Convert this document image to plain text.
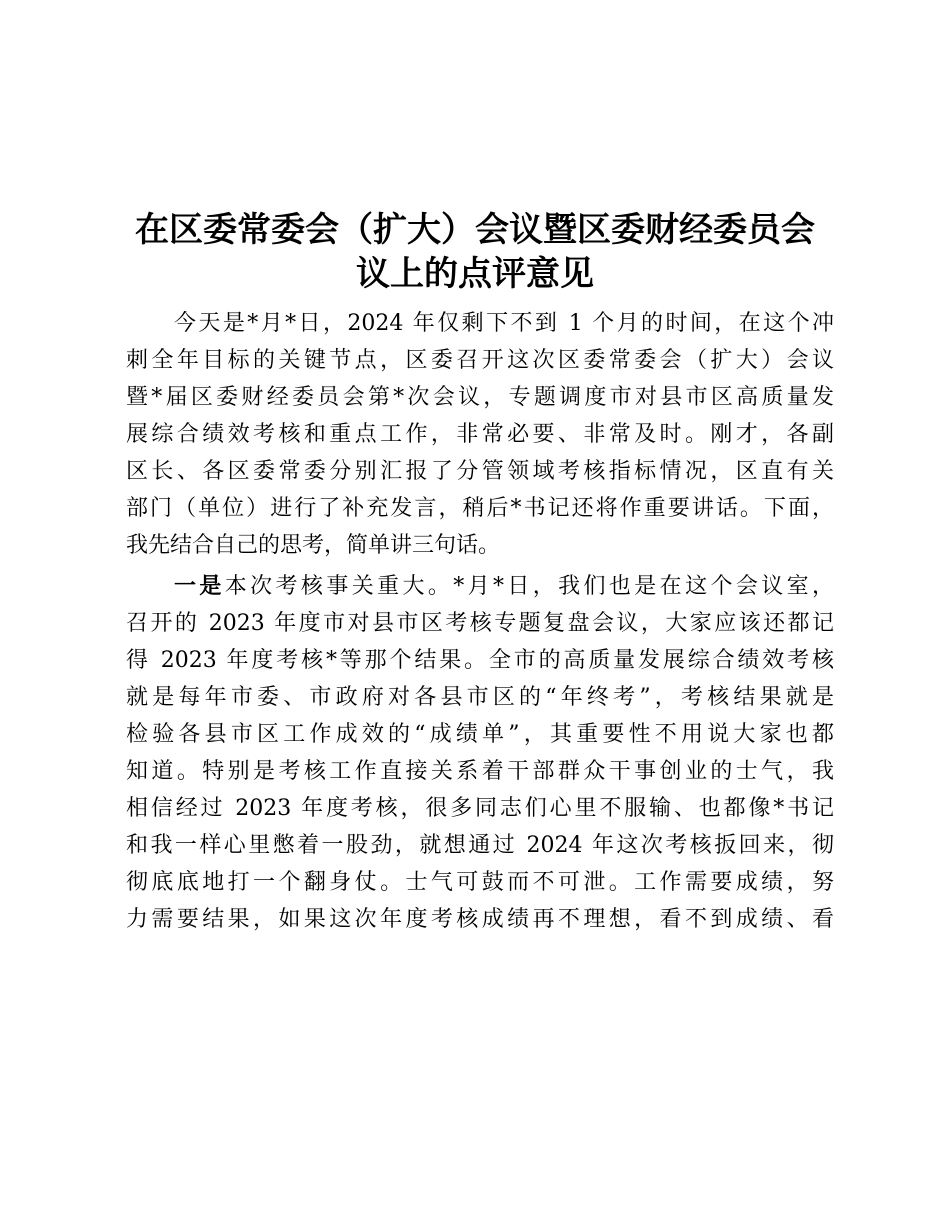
在区委常委会（扩大）会议暨区委财经委员会
议上的点评意见
今天是*月*日，2024 年仅剩下不到 1 个月的时间，在这个冲
刺全年目标的关键节点，区委召开这次区委常委会（扩大）会议
暨*届区委财经委员会第*次会议，专题调度市对县市区高质量发
展综合绩效考核和重点工作，非常必要、非常及时。刚才，各副
区长、各区委常委分别汇报了分管领域考核指标情况，区直有关
部门（单位）进行了补充发言，稍后*书记还将作重要讲话。下面，
我先结合自己的思考，简单讲三句话。
一是本次考核事关重大。*月*日，我们也是在这个会议室，
召开的 2023 年度市对县市区考核专题复盘会议，大家应该还都记
得 2023 年度考核*等那个结果。全市的高质量发展综合绩效考核
就是每年市委、市政府对各县市区的“年终考”，考核结果就是
检验各县市区工作成效的“成绩单”，其重要性不用说大家也都
知道。特别是考核工作直接关系着干部群众干事创业的士气，我
相信经过 2023 年度考核，很多同志们心里不服输、也都像*书记
和我一样心里憋着一股劲，就想通过 2024 年这次考核扳回来，彻
彻底底地打一个翻身仗。士气可鼓而不可泄。工作需要成绩，努
力需要结果，如果这次年度考核成绩再不理想，看不到成绩、看
